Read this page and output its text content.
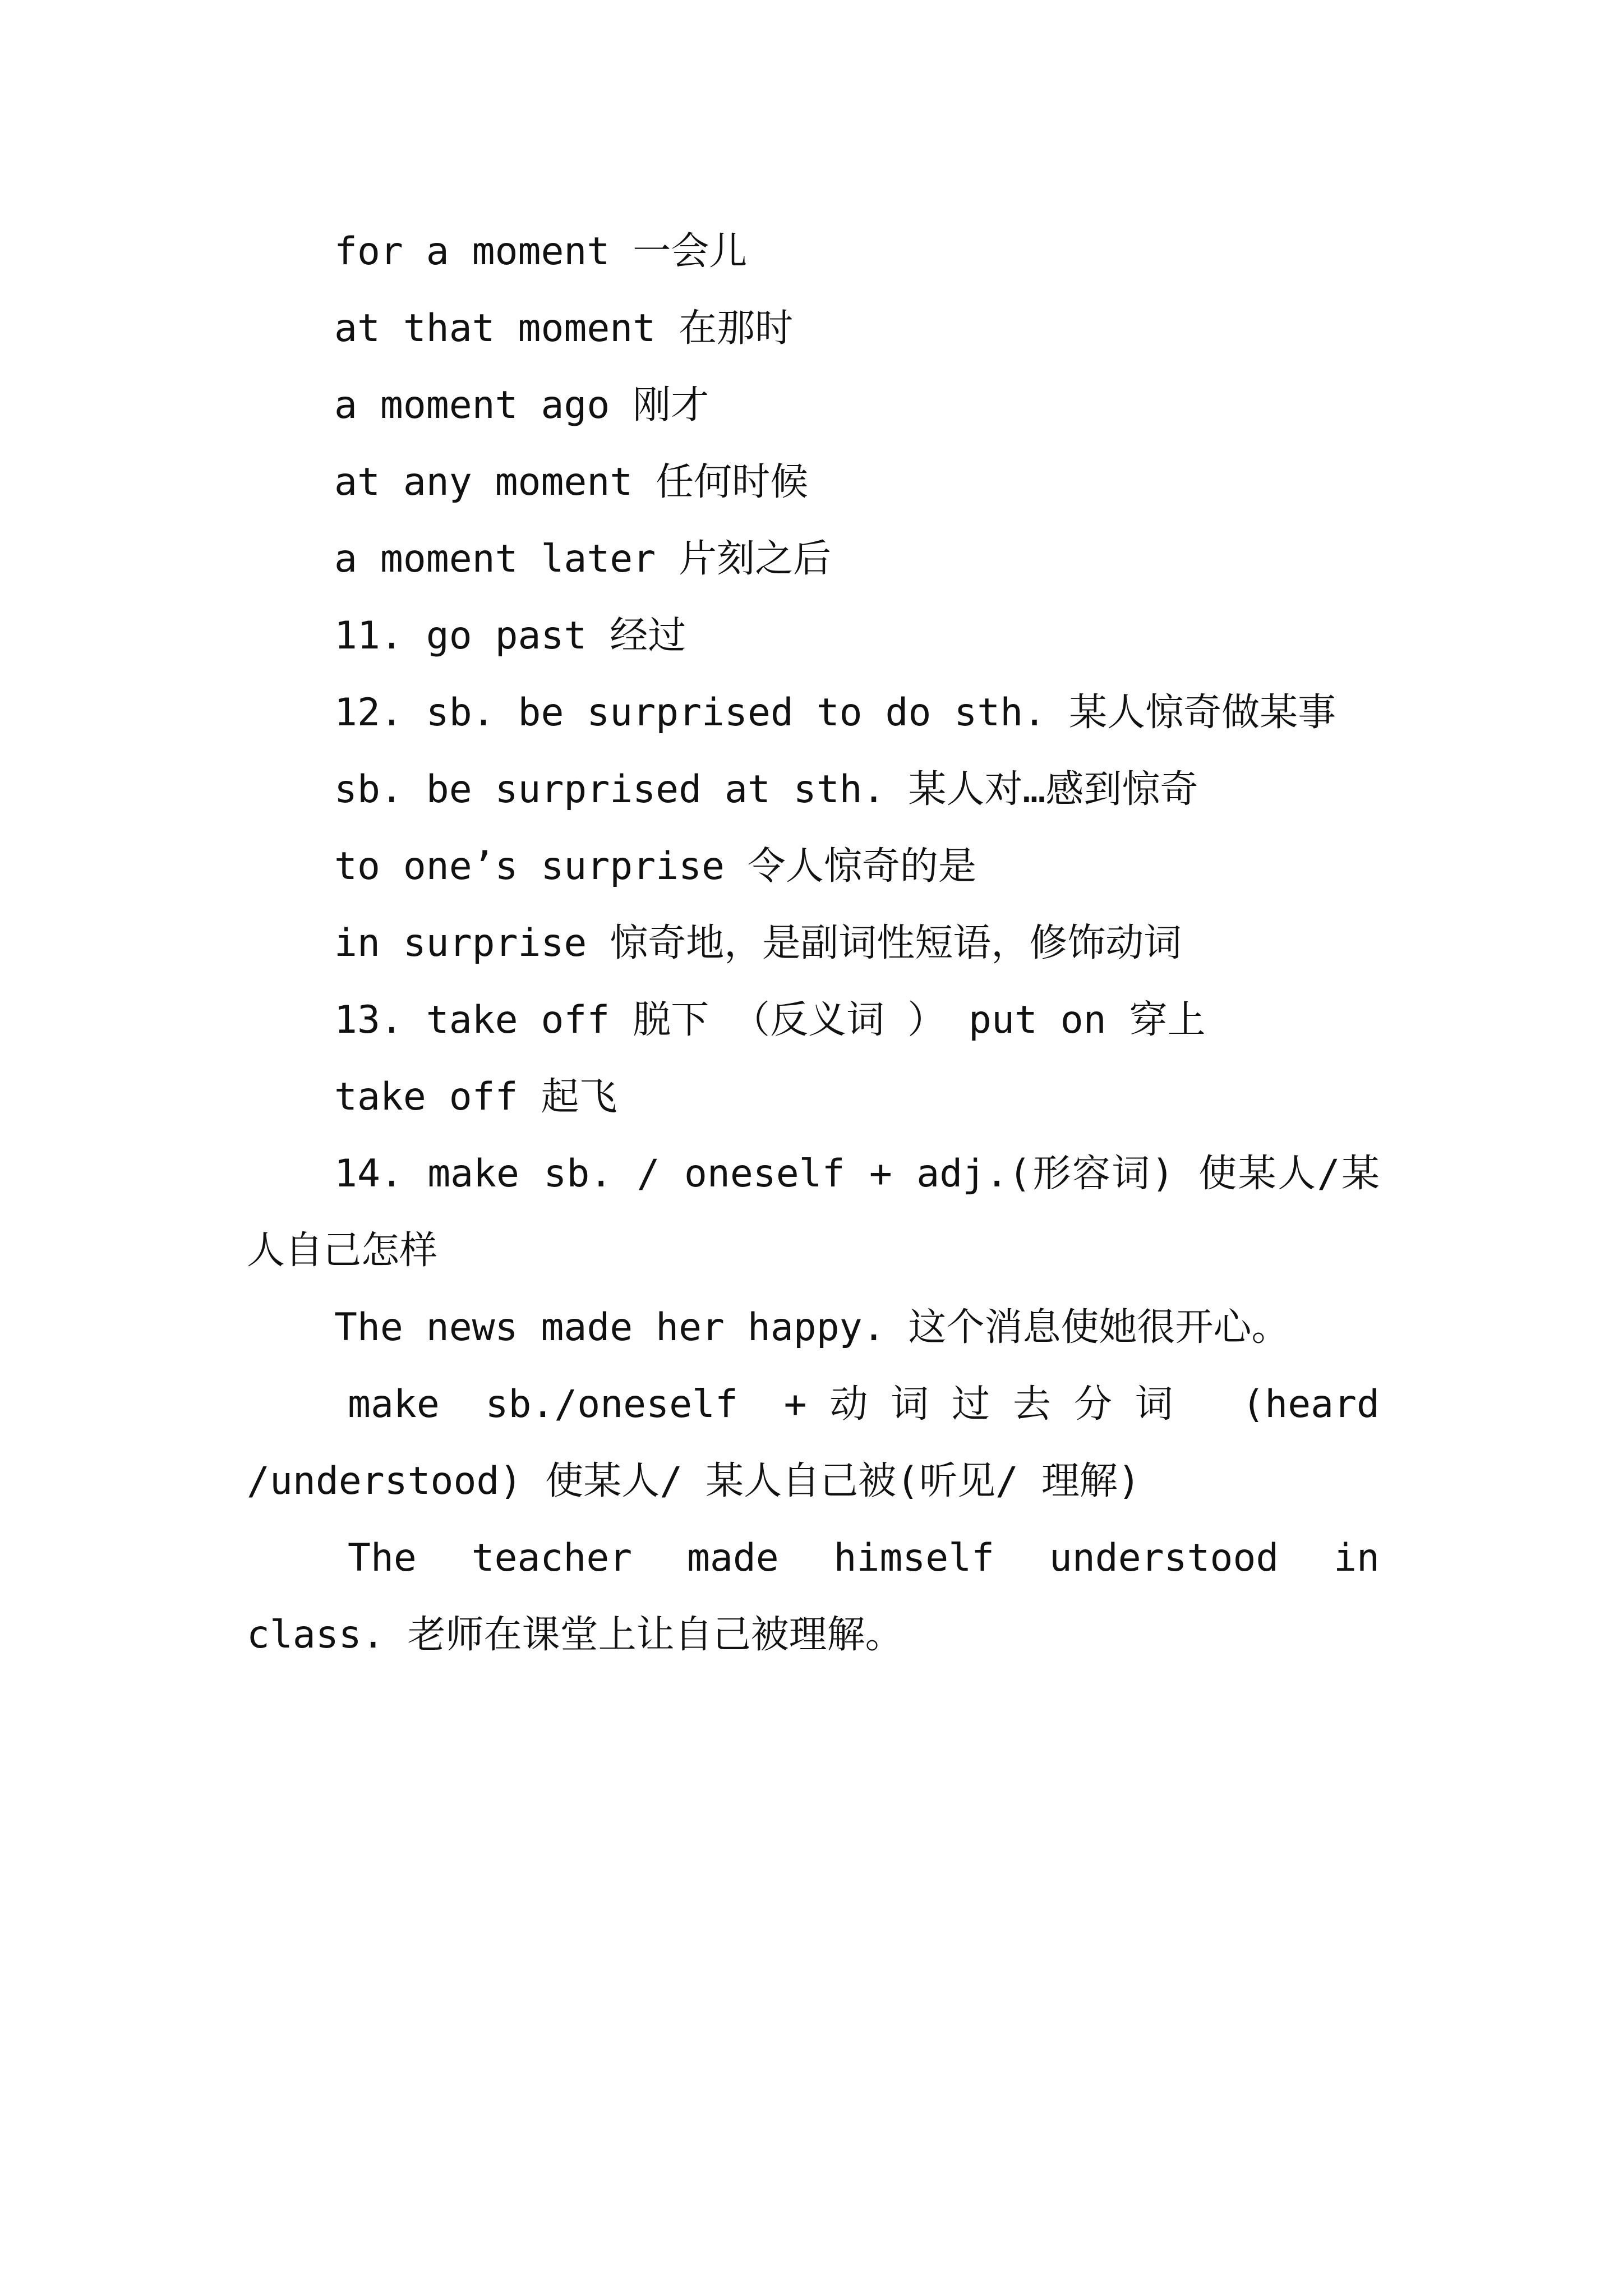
for a moment 一会儿
at that moment 在那时
a moment ago 刚才
at any moment 任何时候
a moment later 片刻之后
11. go past 经过
12. sb. be surprised to do sth. 某人惊奇做某事
sb. be surprised at sth. 某人对…感到惊奇
to one’s surprise 令人惊奇的是
in surprise 惊奇地，是副词性短语，修饰动词
13. take off 脱下 （反义词 ） put on 穿上
take off 起飞
14. make sb. / oneself + adj.(形容词) 使某人/某人自己怎样
The news made her happy. 这个消息使她很开心。
make sb./oneself +动词过去分词 (heard /understood) 使某人/ 某人自己被(听见/ 理解)
The teacher made himself understood in class. 老师在课堂上让自己被理解。
